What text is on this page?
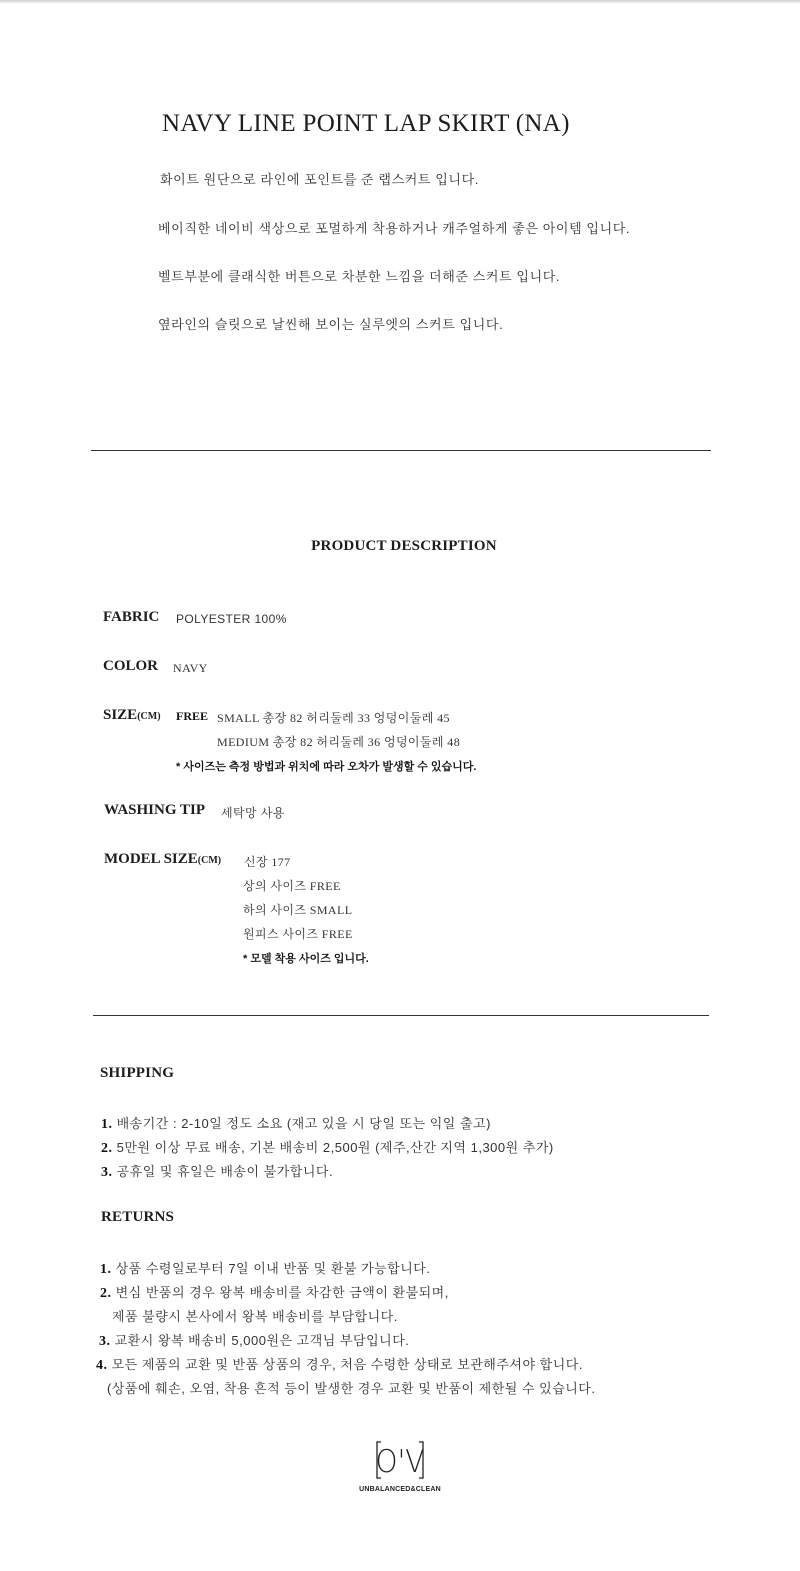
NAVY LINE POINT LAP SKIRT (NA)
화이트 원단으로 라인에 포인트를 준 랩스커트 입니다.
베이직한 네이비 색상으로 포멀하게 착용하거나 캐주얼하게 좋은 아이템 입니다.
벨트부분에 클래식한 버튼으로 차분한 느낌을 더해준 스커트 입니다.
옆라인의 슬릿으로 날씬해 보이는 실루엣의 스커트 입니다.
PRODUCT DESCRIPTION
FABRIC POLYESTER 100%
COLOR NAVY
SIZE(CM) FREE SMALL 총장 82 허리둘레 33 엉덩이둘레 45
MEDIUM 총장 82 허리둘레 36 엉덩이둘레 48
* 사이즈는 측정 방법과 위치에 따라 오차가 발생할 수 있습니다.
WASHING TIP 세탁망 사용
MODEL SIZE(CM) 신장 177
상의 사이즈 FREE
하의 사이즈 SMALL
원피스 사이즈 FREE
* 모델 착용 사이즈 입니다.
SHIPPING
1. 배송기간 : 2-10일 정도 소요 (재고 있을 시 당일 또는 익일 출고)
2. 5만원 이상 무료 배송, 기본 배송비 2,500원 (제주,산간 지역 1,300원 추가)
3. 공휴일 및 휴일은 배송이 불가합니다.
RETURNS
1. 상품 수령일로부터 7일 이내 반품 및 환불 가능합니다.
2. 변심 반품의 경우 왕복 배송비를 차감한 금액이 환불되며,
제품 불량시 본사에서 왕복 배송비를 부담합니다.
3. 교환시 왕복 배송비 5,000원은 고객님 부담입니다.
4. 모든 제품의 교환 및 반품 상품의 경우, 처음 수령한 상태로 보관해주셔야 합니다.
(상품에 훼손, 오염, 착용 흔적 등이 발생한 경우 교환 및 반품이 제한될 수 있습니다.
O'V
UNBALANCED&CLEAN
